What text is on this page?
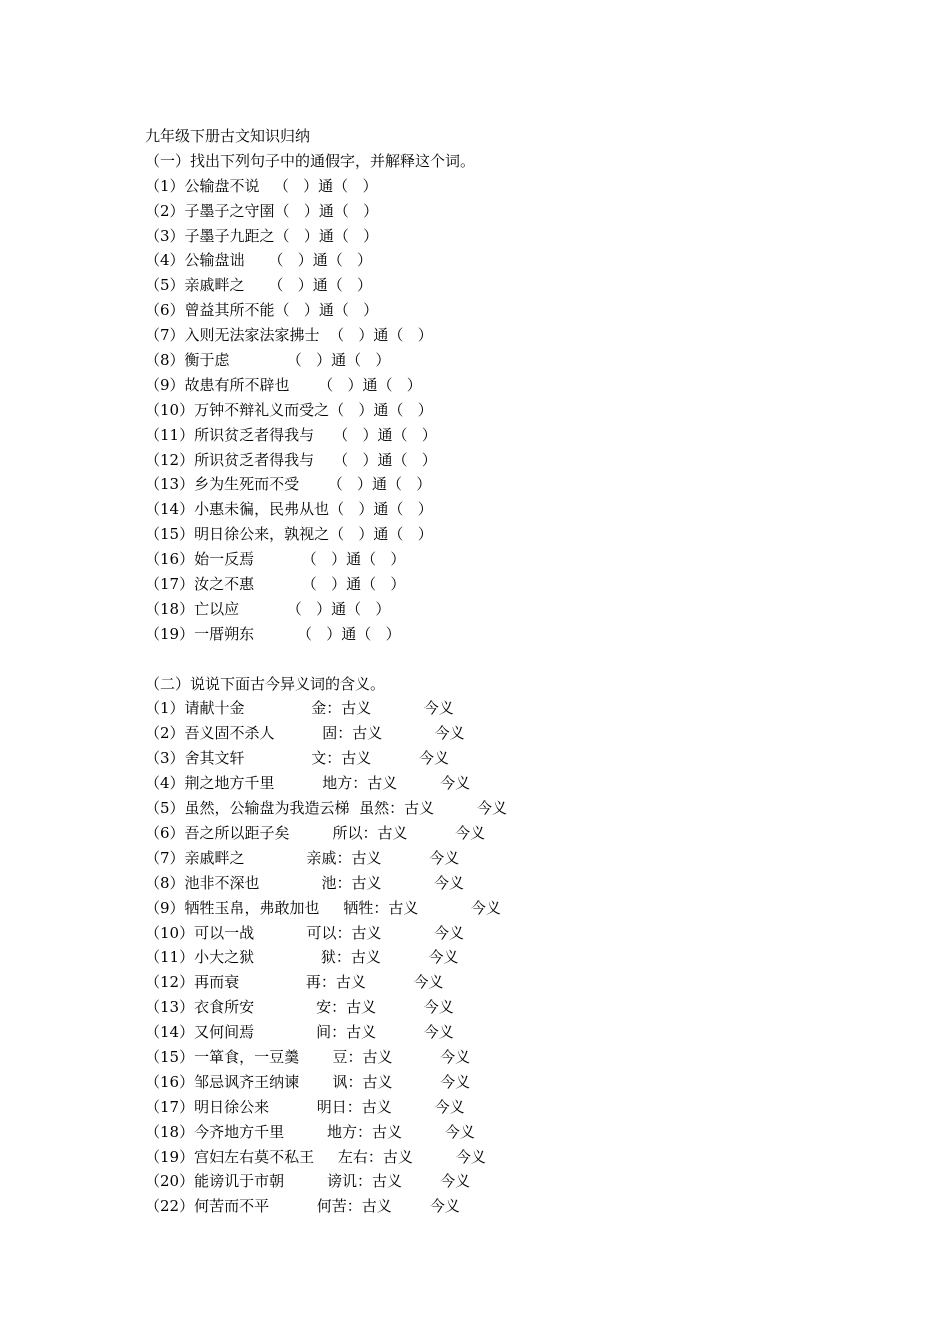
九年级下册古文知识归纳
（一）找出下列句子中的通假字，并解释这个词。
（1）公输盘不说   （   ）通（   ）
（2）子墨子之守圉（   ）通（   ）
（3）子墨子九距之（   ）通（   ）
（4）公输盘诎     （   ）通（   ）
（5）亲戚畔之     （   ）通（   ）
（6）曾益其所不能（   ）通（   ）
（7）入则无法家法家拂士  （   ）通（   ）
（8）衡于虑            （   ）通（   ）
（9）故患有所不辟也      （   ）通（   ）
（10）万钟不辩礼义而受之（   ）通（   ）
（11）所识贫乏者得我与    （   ）通（   ）
（12）所识贫乏者得我与    （   ）通（   ）
（13）乡为生死而不受      （   ）通（   ）
（14）小惠未徧，民弗从也（   ）通（   ）
（15）明日徐公来，孰视之（   ）通（   ）
（16）始一反焉          （   ）通（   ）
（17）汝之不惠          （   ）通（   ）
（18）亡以应          （   ）通（   ）
（19）一厝朔东         （   ）通（   ）
（二）说说下面古今异义词的含义。
（1）请献十金              金：古义           今义
（2）吾义固不杀人          固：古义           今义
（3）舍其文轩              文：古义          今义
（4）荆之地方千里          地方：古义         今义
（5）虽然，公输盘为我造云梯  虽然：古义         今义
（6）吾之所以距子矣         所以：古义          今义
（7）亲戚畔之             亲戚：古义          今义
（8）池非不深也             池：古义           今义
（9）牺牲玉帛，弗敢加也     牺牲：古义           今义
（10）可以一战           可以：古义           今义
（11）小大之狱              狱：古义          今义
（12）再而衰              再：古义          今义
（13）衣食所安             安：古义          今义
（14）又何间焉             间：古义          今义
（15）一箪食，一豆羹       豆：古义          今义
（16）邹忌讽齐王纳谏       讽：古义          今义
（17）明日徐公来          明日：古义         今义
（18）今齐地方千里         地方：古义         今义
（19）宫妇左右莫不私王     左右：古义         今义
（20）能谤讥于市朝         谤讥：古义        今义
（22）何苦而不平          何苦：古义        今义
